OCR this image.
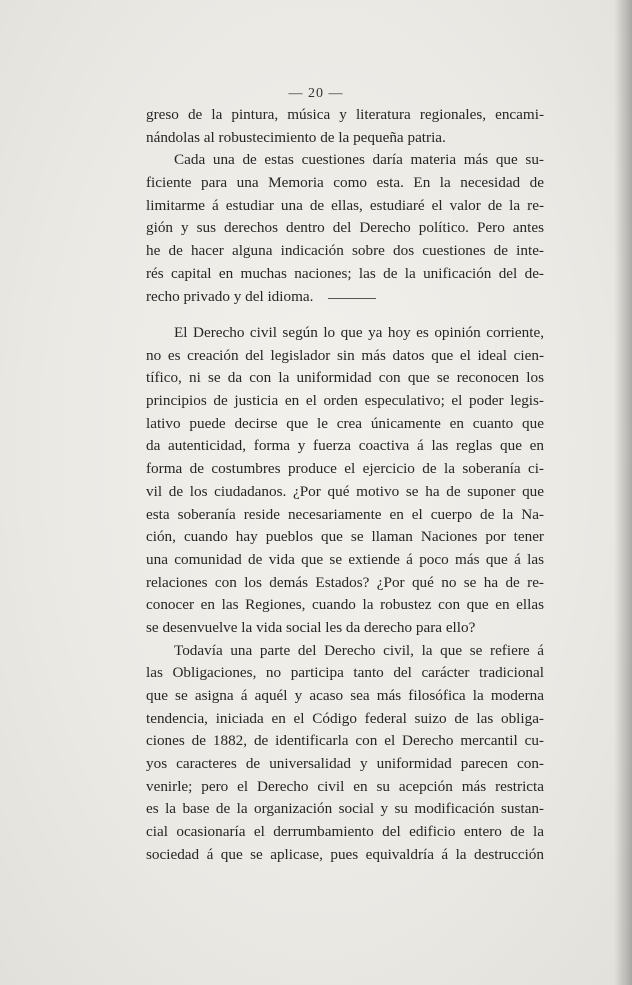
— 20 —
greso de la pintura, música y literatura regionales, encami-
nándolas al robustecimiento de la pequeña patria.
Cada una de estas cuestiones daría materia más que su-
ficiente para una Memoria como esta. En la necesidad de
limitarme á estudiar una de ellas, estudiaré el valor de la re-
gión y sus derechos dentro del Derecho político. Pero antes
he de hacer alguna indicación sobre dos cuestiones de inte-
rés capital en muchas naciones; las de la unificación del de-
recho privado y del idioma.
El Derecho civil según lo que ya hoy es opinión corriente,
no es creación del legislador sin más datos que el ideal cien-
tífico, ni se da con la uniformidad con que se reconocen los
principios de justicia en el orden especulativo; el poder legis-
lativo puede decirse que le crea únicamente en cuanto que
da autenticidad, forma y fuerza coactiva á las reglas que en
forma de costumbres produce el ejercicio de la soberanía ci-
vil de los ciudadanos. ¿Por qué motivo se ha de suponer que
esta soberanía reside necesariamente en el cuerpo de la Na-
ción, cuando hay pueblos que se llaman Naciones por tener
una comunidad de vida que se extiende á poco más que á las
relaciones con los demás Estados? ¿Por qué no se ha de re-
conocer en las Regiones, cuando la robustez con que en ellas
se desenvuelve la vida social les da derecho para ello?
Todavía una parte del Derecho civil, la que se refiere á
las Obligaciones, no participa tanto del carácter tradicional
que se asigna á aquél y acaso sea más filosófica la moderna
tendencia, iniciada en el Código federal suizo de las obliga-
ciones de 1882, de identificarla con el Derecho mercantil cu-
yos caracteres de universalidad y uniformidad parecen con-
venirle; pero el Derecho civil en su acepción más restricta
es la base de la organización social y su modificación sustan-
cial ocasionaría el derrumbamiento del edificio entero de la
sociedad á que se aplicase, pues equivaldría á la destrucción
